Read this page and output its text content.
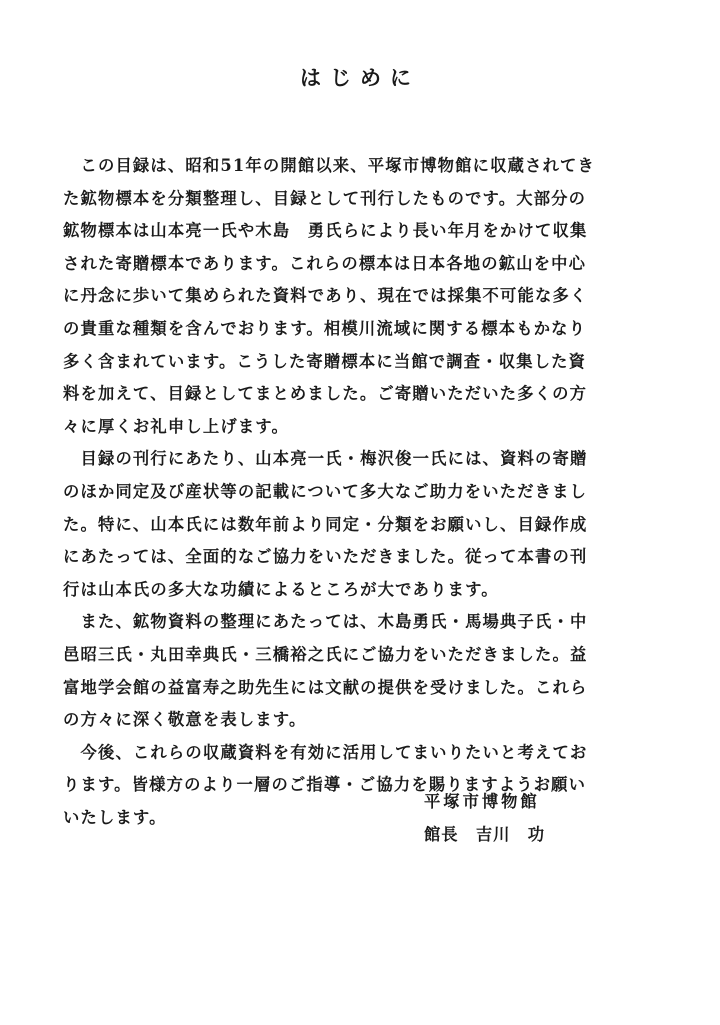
はじめに

　この目録は、昭和51年の開館以来、平塚市博物館に収蔵されてき
た鉱物標本を分類整理し、目録として刊行したものです。大部分の
鉱物標本は山本亮一氏や木島　勇氏らにより長い年月をかけて収集
された寄贈標本であります。これらの標本は日本各地の鉱山を中心
に丹念に歩いて集められた資料であり、現在では採集不可能な多く
の貴重な種類を含んでおります。相模川流域に関する標本もかなり
多く含まれています。こうした寄贈標本に当館で調査・収集した資
料を加えて、目録としてまとめました。ご寄贈いただいた多くの方
々に厚くお礼申し上げます。

　目録の刊行にあたり、山本亮一氏・梅沢俊一氏には、資料の寄贈
のほか同定及び産状等の記載について多大なご助力をいただきまし
た。特に、山本氏には数年前より同定・分類をお願いし、目録作成
にあたっては、全面的なご協力をいただきました。従って本書の刊
行は山本氏の多大な功績によるところが大であります。

　また、鉱物資料の整理にあたっては、木島勇氏・馬場典子氏・中
邑昭三氏・丸田幸典氏・三橋裕之氏にご協力をいただきました。益
富地学会館の益富寿之助先生には文献の提供を受けました。これら
の方々に深く敬意を表します。

　今後、これらの収蔵資料を有効に活用してまいりたいと考えてお
ります。皆様方のより一層のご指導・ご協力を賜りますようお願い
いたします。

平塚市博物館
館長　吉川　功
